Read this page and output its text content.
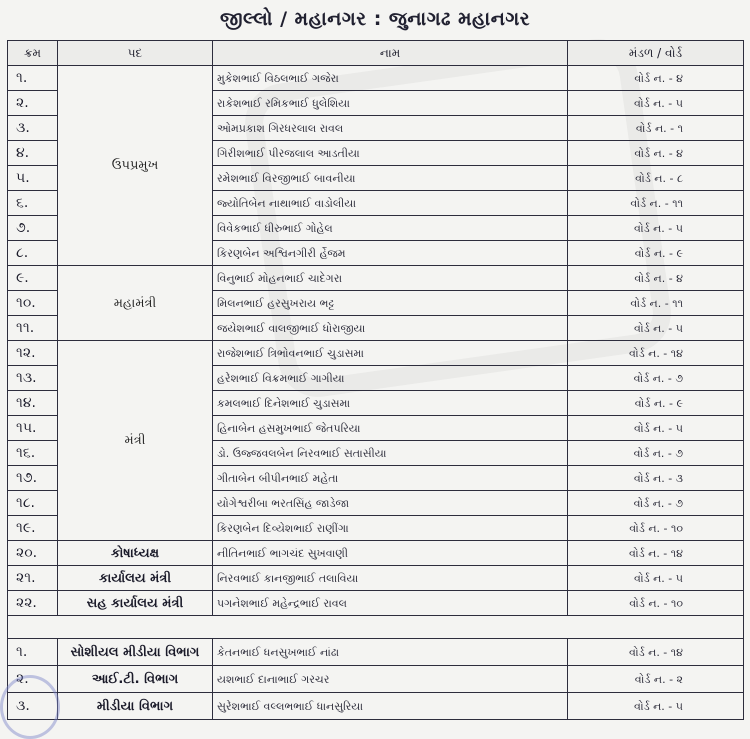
જીલ્લો / મહાનગર : જુનાગઢ મહાનગર
ક્રમ	પદ	નામ	મંડળ / વોર્ડ
૧.	ઉપપ્રમુખ	મુકેશભાઈ વિઠલભાઈ ગજેરા	વોર્ડ ન. - ૪
૨.		રાકેશભાઈ રમિકભાઈ ધુલેશિયા	વોર્ડ ન. - ૫
૩.		ઓમપ્રકાશ ગિરધરલાલ રાવલ	વોર્ડ ન. - ૧
૪.		ગિરીશભાઈ પીરજલાલ આડતીયા	વોર્ડ ન. - ૪
૫.		રમેશભાઈ વિરજીભાઈ બાવનીયા	વોર્ડ ન. - ૮
૬.		જ્યોતિબેન નાથાભાઈ વાડોલીયા	વોર્ડ ન. - ૧૧
૭.		વિવેકભાઈ ધીરુભાઈ ગોહેલ	વોર્ડ ન. - ૫
૮.		કિરણબેન અશ્વિનગીરી ર્હેજમ	વોર્ડ ન. - ૯
૯.	મહામંત્રી	વિનુભાઈ મોહનભાઈ ચાદેગરા	વોર્ડ ન. - ૪
૧૦.		મિલનભાઈ હરસુખરાય ભટ્ટ	વોર્ડ ન. - ૧૧
૧૧.		જયેશભાઈ વાલજીભાઈ ધોરાજીયા	વોર્ડ ન. - ૫
૧૨.	મંત્રી	રાજેશભાઈ ત્રિભોવનભાઈ ચુડાસમા	વોર્ડ ન. - ૧૪
૧૩.		હરેશભાઈ વિક્રમભાઈ ગાગીયા	વોર્ડ ન. - ૭
૧૪.		કમલભાઈ દિનેશભાઈ ચુડાસમા	વોર્ડ ન. - ૯
૧૫.		હિનાબેન હસમુખભાઈ જેતપરિયા	વોર્ડ ન. - ૫
૧૬.		ડો. ઉજ્જવલબેન નિરવભાઈ સતાસીયા	વોર્ડ ન. - ૭
૧૭.		ગીતાબેન બીપીનભાઈ મહેતા	વોર્ડ ન. - ૩
૧૮.		યોગેશ્વરીબા ભરતસિંહ જાડેજા	વોર્ડ ન. - ૭
૧૯.		કિરણબેન દિવ્યેશભાઈ રાણીંગા	વોર્ડ ન. - ૧૦
૨૦.	કોષાધ્યક્ષ	નીતિનભાઈ ભાગચંદ સુખવાણી	વોર્ડ ન. - ૧૪
૨૧.	કાર્યાલય મંત્રી	નિરવભાઈ કાનજીભાઈ તલાવિયા	વોર્ડ ન. - ૫
૨૨.	સહ કાર્યાલય મંત્રી	પગનેશભાઈ મહેન્દ્રભાઈ રાવલ	વોર્ડ ન. - ૧૦

૧.	સોશીયલ મીડીયા વિભાગ	કેતનભાઈ ધનસુખભાઈ નાંઢા	વોર્ડ ન. - ૧૪
૨.	આઈ.ટી. વિભાગ	યશભાઈ દાનાભાઈ ગરચર	વોર્ડ ન. - ૨
૩.	મીડીયા વિભાગ	સુરેશભાઈ વલ્લભભાઈ ધાનસુરિયા	વોર્ડ ન. - ૫
